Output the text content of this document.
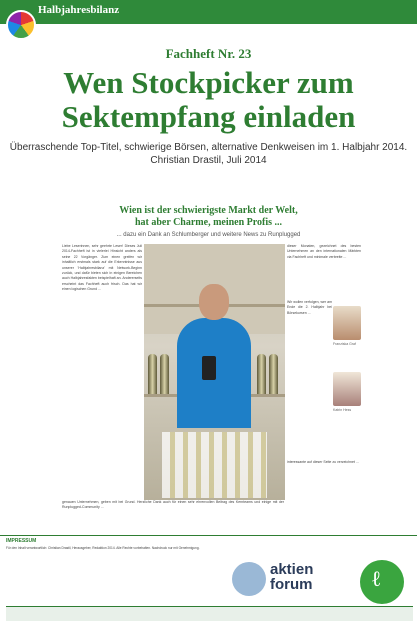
Halbjahresbilanz
Fachheft Nr. 23
Wen Stockpicker zum
Sektempfang einladen
Überraschende Top-Titel, schwierige Börsen, alternative Denkweisen im 1. Halbjahr 2014.
Christian Drastil, Juli 2014
Wien ist der schwierigste Markt der Welt,
hat aber Charme, meinen Profis ...
... dazu ein Dank an Schlumberger und weitere News zu Runplugged
Liebe Leserinnen, sehr geehrte Leser! Dieses Juli 2014-Fachheft ist in vielerlei Hinsicht anders als seine 22 Vorgänger. Zum einen greifen wir inhaltlich erstmals stark auf die Erkenntnisse aus unserer 'Halbjahresbilanz' mit Network-Beginn zurück, und dafür bieten sich in einigen Bereichen auch Halbjahresfakten beispielhaft an. Andererseits erscheint das Fachheft auch frisch. Das hat wir einen logischen Grund ...
dieser Monaten, gezeichnet des besten Unternehmen an den internationalen Märkten via Fachheft und minimale verbreite ...
Wir wollen verfolgen, wer am Ende die 2. Halbjahr bei Börsekursen ...
Franziska Graf
Katrin Hess
interessante auf dieser Seite zu verzeichnet ...
genauen Unternehmen, geben mit bei Grund. Herzliche Dank auch für einen sehr ehrenvollen Beitrag des Kernteams und einige mit der Runplugged-Community ...
IMPRESSUM
Für den Inhalt verantwortlich: Christian Drastil, Herausgeber, Redaktion 2014. Alle Rechte vorbehalten. Nachdruck nur mit Genehmigung.
aktien
forum	ℓ
